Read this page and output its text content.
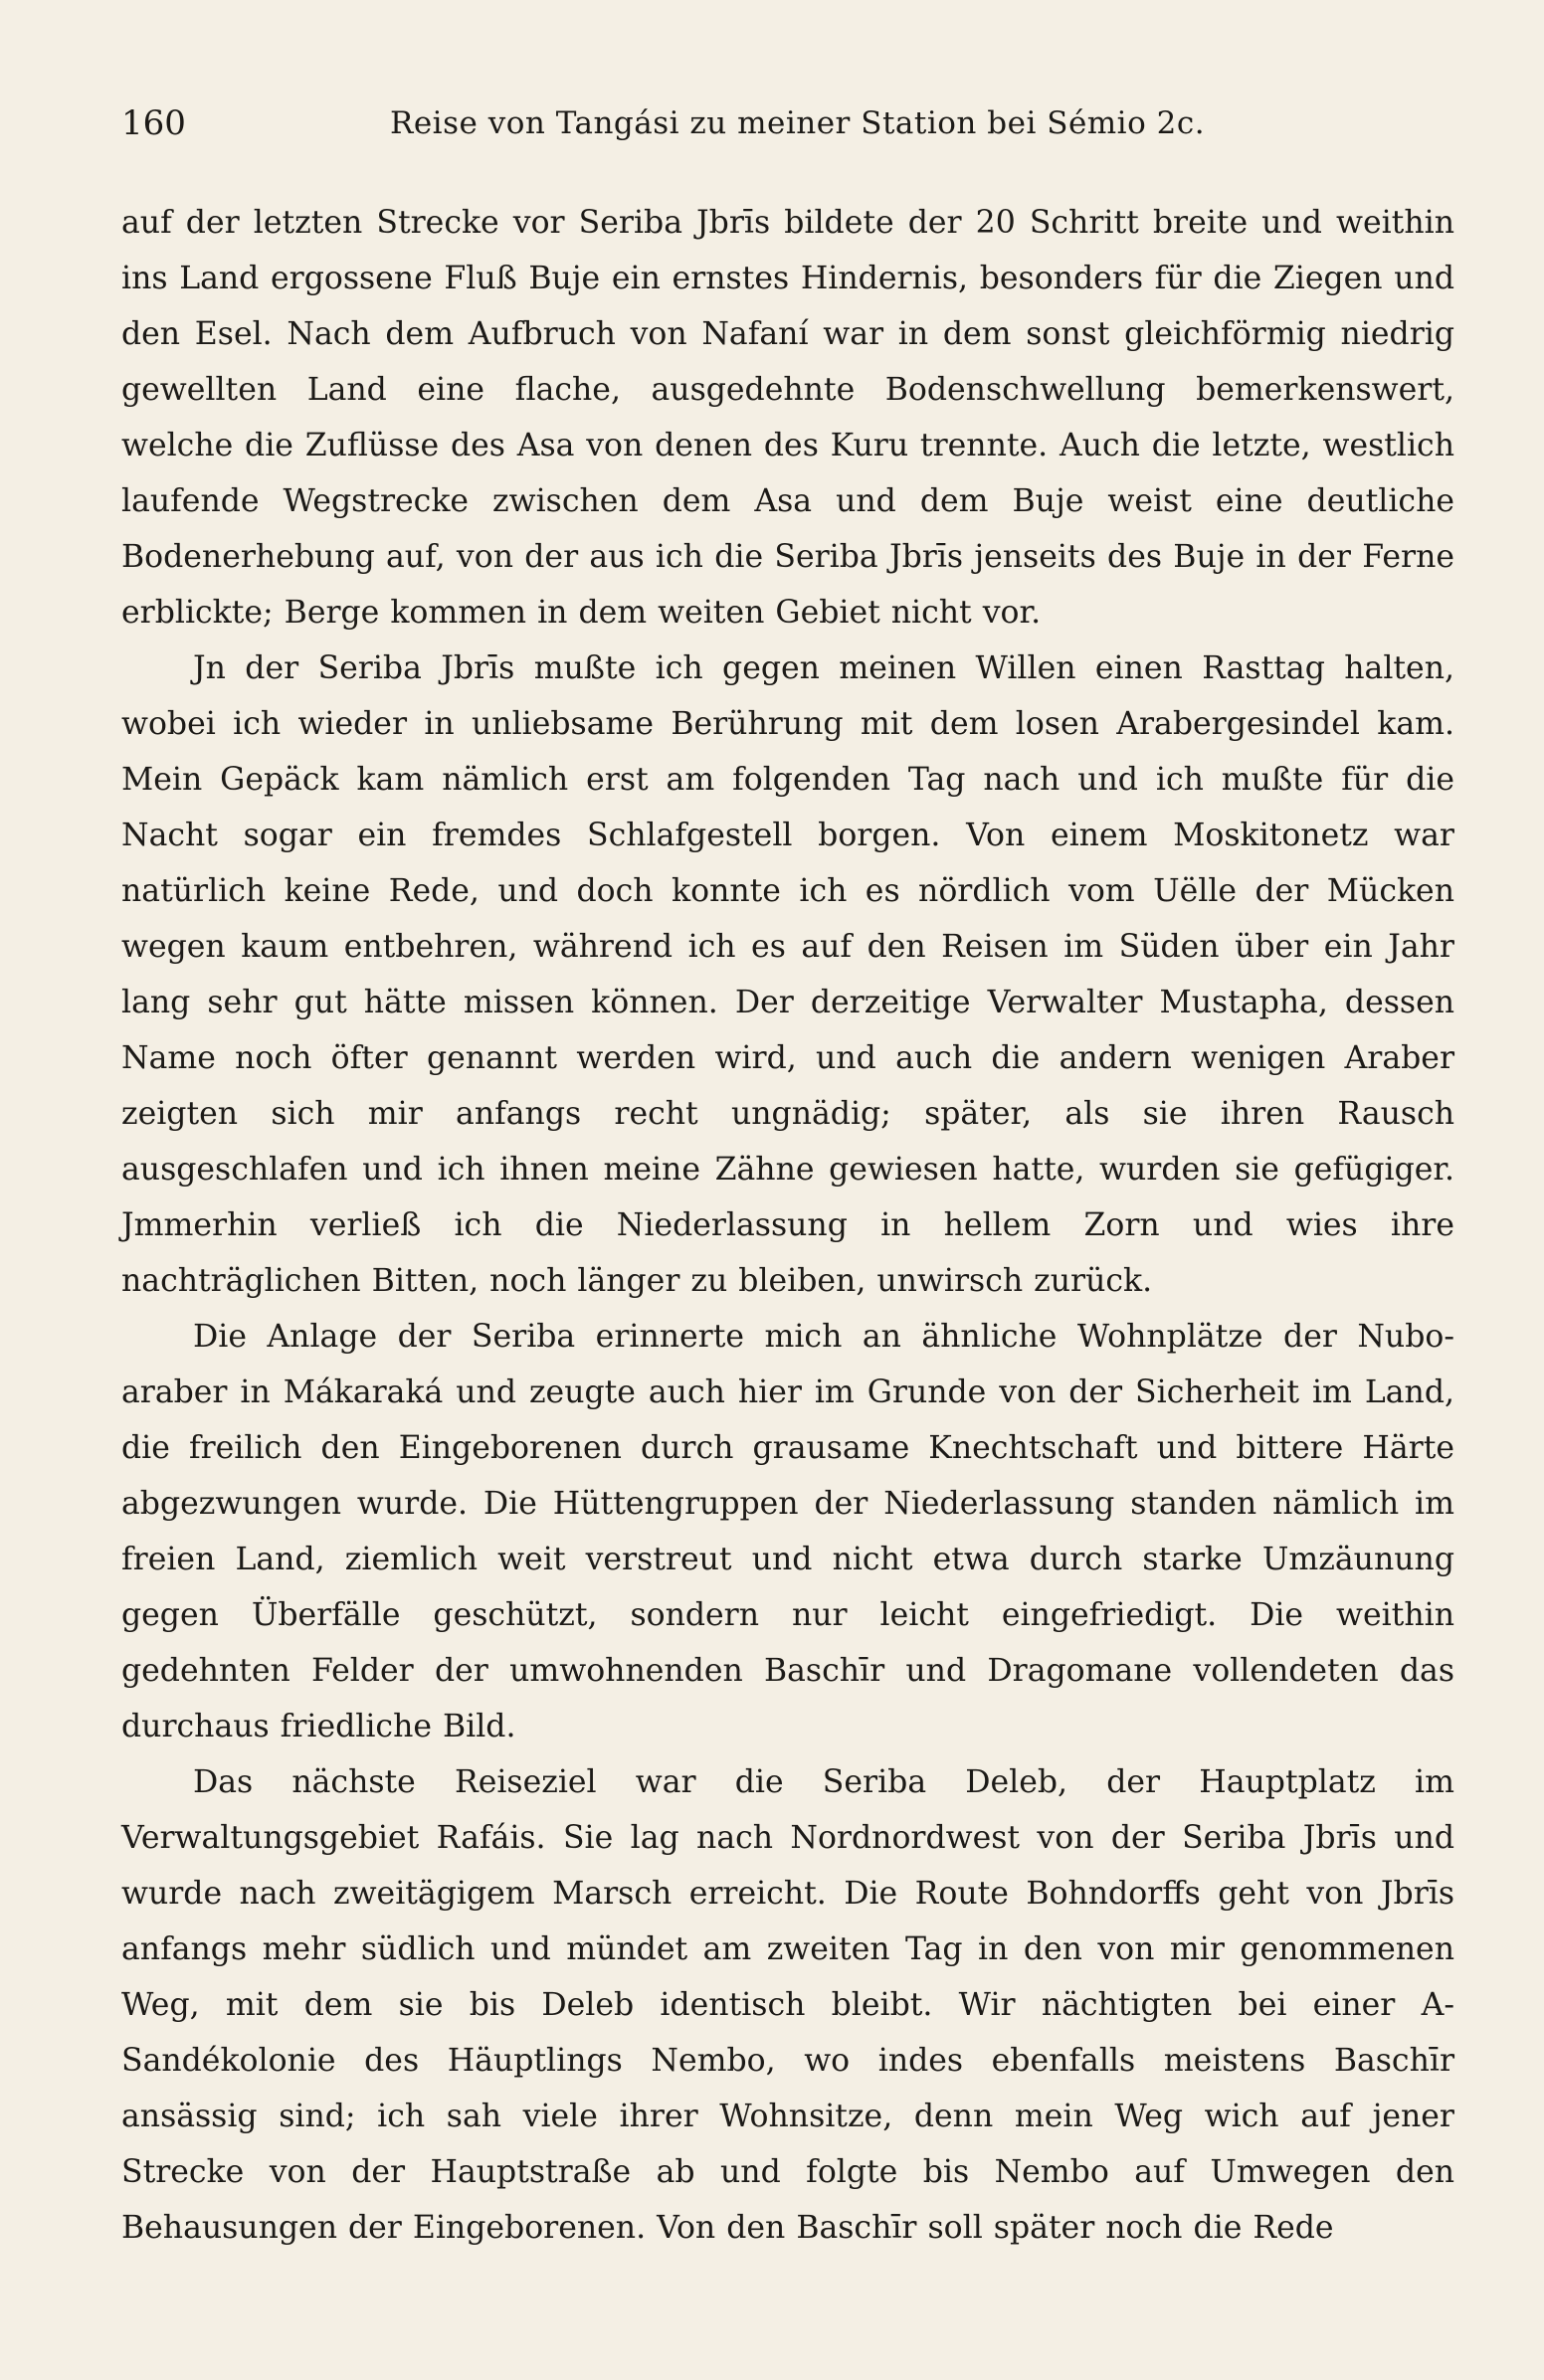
160	Reise von Tangási zu meiner Station bei Sémio 2c.

auf der letzten Strecke vor Seriba Jbrīs bildete der 20 Schritt breite und weithin ins Land ergossene Fluß Buje ein ernstes Hindernis, besonders für die Ziegen und den Esel. Nach dem Aufbruch von Nafaní war in dem sonst gleichförmig niedrig gewellten Land eine flache, ausgedehnte Bodenschwellung bemerkenswert, welche die Zuflüsse des Asa von denen des Kuru trennte. Auch die letzte, westlich laufende Wegstrecke zwischen dem Asa und dem Buje weist eine deutliche Bodenerhebung auf, von der aus ich die Seriba Jbrīs jenseits des Buje in der Ferne erblickte; Berge kommen in dem weiten Gebiet nicht vor.

Jn der Seriba Jbrīs mußte ich gegen meinen Willen einen Rasttag halten, wobei ich wieder in unliebsame Berührung mit dem losen Arabergesindel kam. Mein Gepäck kam nämlich erst am folgenden Tag nach und ich mußte für die Nacht sogar ein fremdes Schlafgestell borgen. Von einem Moskitonetz war natürlich keine Rede, und doch konnte ich es nördlich vom Uëlle der Mücken wegen kaum entbehren, während ich es auf den Reisen im Süden über ein Jahr lang sehr gut hätte missen können. Der derzeitige Verwalter Mustapha, dessen Name noch öfter genannt werden wird, und auch die andern wenigen Araber zeigten sich mir anfangs recht ungnädig; später, als sie ihren Rausch ausgeschlafen und ich ihnen meine Zähne gewiesen hatte, wurden sie gefügiger. Jmmerhin verließ ich die Niederlassung in hellem Zorn und wies ihre nachträglichen Bitten, noch länger zu bleiben, unwirsch zurück.

Die Anlage der Seriba erinnerte mich an ähnliche Wohnplätze der Nubo-araber in Mákaraká und zeugte auch hier im Grunde von der Sicherheit im Land, die freilich den Eingeborenen durch grausame Knechtschaft und bittere Härte abgezwungen wurde. Die Hüttengruppen der Niederlassung standen nämlich im freien Land, ziemlich weit verstreut und nicht etwa durch starke Umzäunung gegen Überfälle geschützt, sondern nur leicht eingefriedigt. Die weithin gedehnten Felder der umwohnenden Baschīr und Dragomane vollendeten das durchaus friedliche Bild.

Das nächste Reiseziel war die Seriba Deleb, der Hauptplatz im Verwaltungsgebiet Rafáis. Sie lag nach Nordnordwest von der Seriba Jbrīs und wurde nach zweitägigem Marsch erreicht. Die Route Bohndorffs geht von Jbrīs anfangs mehr südlich und mündet am zweiten Tag in den von mir genommenen Weg, mit dem sie bis Deleb identisch bleibt. Wir nächtigten bei einer A-Sandékolonie des Häuptlings Nembo, wo indes ebenfalls meistens Baschīr ansässig sind; ich sah viele ihrer Wohnsitze, denn mein Weg wich auf jener Strecke von der Hauptstraße ab und folgte bis Nembo auf Umwegen den Behausungen der Eingeborenen. Von den Baschīr soll später noch die Rede
